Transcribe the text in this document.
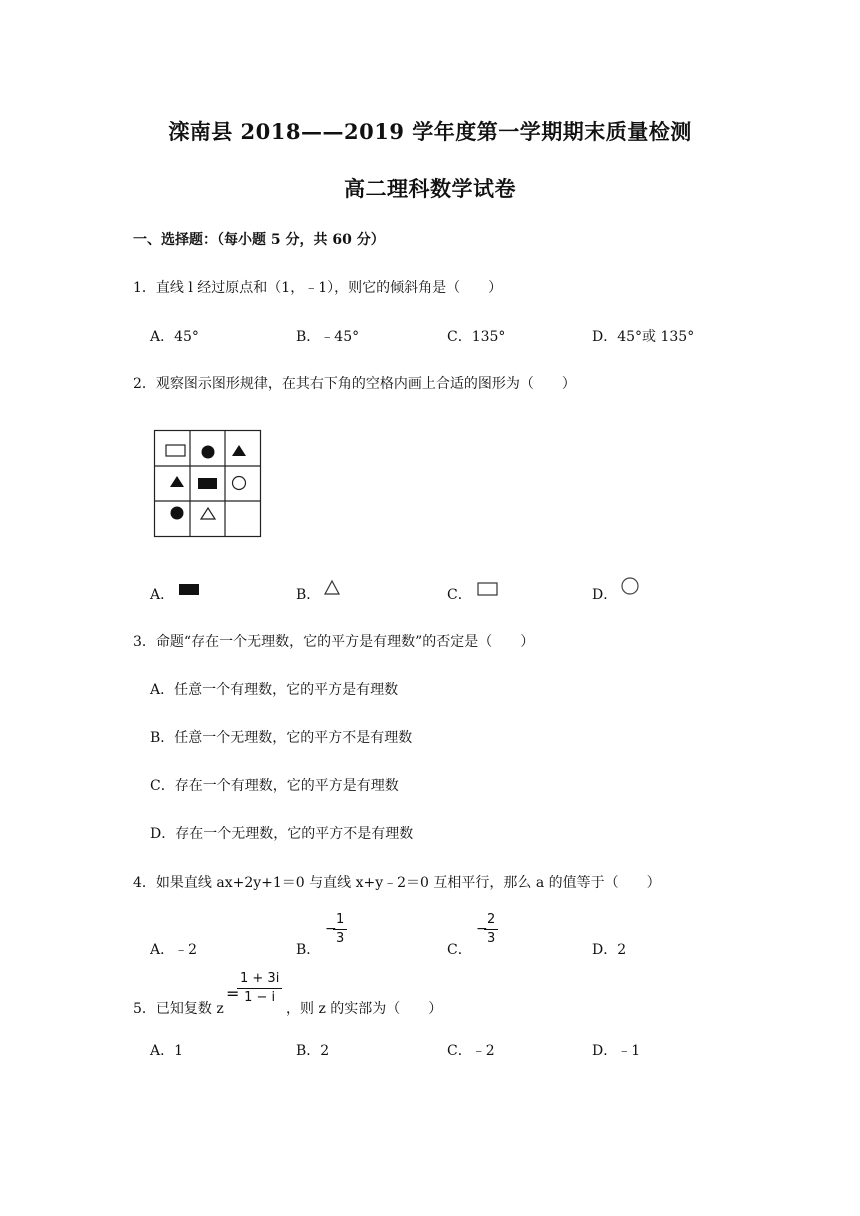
滦南县 2018——2019 学年度第一学期期末质量检测
高二理科数学试卷
一、选择题：（每小题 5 分，共 60 分）
1．直线 l 经过原点和（1，﹣1），则它的倾斜角是（　　）
A．45°	B．﹣45°	C．135°	D．45°或 135°
2．观察图示图形规律，在其右下角的空格内画上合适的图形为（　　）
A．	B．	C．	D．
3．命题“存在一个无理数，它的平方是有理数”的否定是（　　）
A．任意一个有理数，它的平方是有理数
B．任意一个无理数，它的平方不是有理数
C．存在一个有理数，它的平方是有理数
D．存在一个无理数，它的平方不是有理数
4．如果直线 ax+2y+1＝0 与直线 x+y﹣2＝0 互相平行，那么 a 的值等于（　　）
A．﹣2	B．
−
$\frac{1}{3}$
C．
−
$\frac{2}{3}$
D．2
5．已知复数 z
=
$\frac{1 + 3i}{1 - i}$
，则 z 的实部为（　　）
A．1	B．2	C．﹣2	D．﹣1
